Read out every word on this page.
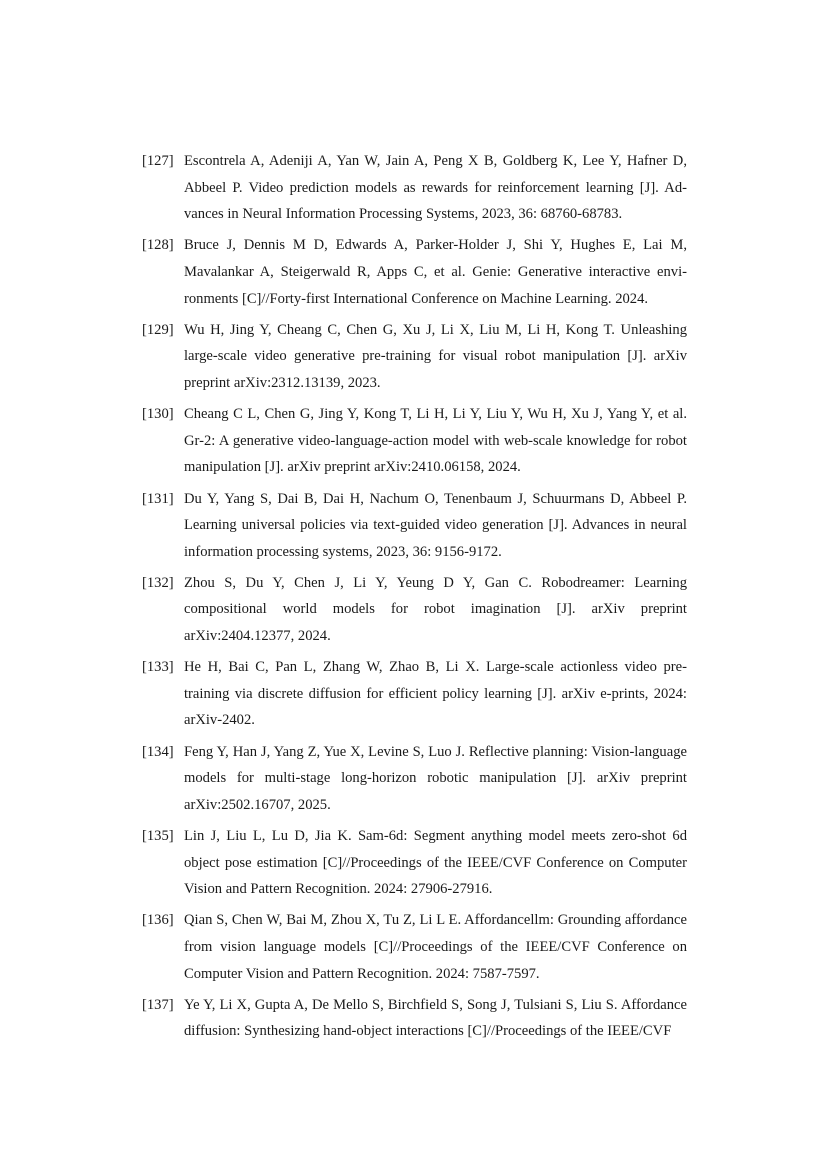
[127] Escontrela A, Adeniji A, Yan W, Jain A, Peng X B, Goldberg K, Lee Y, Hafner D, Abbeel P. Video prediction models as rewards for reinforcement learning [J]. Advances in Neural Information Processing Systems, 2023, 36: 68760-68783.
[128] Bruce J, Dennis M D, Edwards A, Parker-Holder J, Shi Y, Hughes E, Lai M, Mavalankar A, Steigerwald R, Apps C, et al. Genie: Generative interactive environments [C]//Forty-first International Conference on Machine Learning. 2024.
[129] Wu H, Jing Y, Cheang C, Chen G, Xu J, Li X, Liu M, Li H, Kong T. Unleashing large-scale video generative pre-training for visual robot manipulation [J]. arXiv preprint arXiv:2312.13139, 2023.
[130] Cheang C L, Chen G, Jing Y, Kong T, Li H, Li Y, Liu Y, Wu H, Xu J, Yang Y, et al. Gr-2: A generative video-language-action model with web-scale knowledge for robot manipulation [J]. arXiv preprint arXiv:2410.06158, 2024.
[131] Du Y, Yang S, Dai B, Dai H, Nachum O, Tenenbaum J, Schuurmans D, Abbeel P. Learning universal policies via text-guided video generation [J]. Advances in neural information processing systems, 2023, 36: 9156-9172.
[132] Zhou S, Du Y, Chen J, Li Y, Yeung D Y, Gan C. Robodreamer: Learning compositional world models for robot imagination [J]. arXiv preprint arXiv:2404.12377, 2024.
[133] He H, Bai C, Pan L, Zhang W, Zhao B, Li X. Large-scale actionless video pre-training via discrete diffusion for efficient policy learning [J]. arXiv e-prints, 2024: arXiv-2402.
[134] Feng Y, Han J, Yang Z, Yue X, Levine S, Luo J. Reflective planning: Vision-language models for multi-stage long-horizon robotic manipulation [J]. arXiv preprint arXiv:2502.16707, 2025.
[135] Lin J, Liu L, Lu D, Jia K. Sam-6d: Segment anything model meets zero-shot 6d object pose estimation [C]//Proceedings of the IEEE/CVF Conference on Computer Vision and Pattern Recognition. 2024: 27906-27916.
[136] Qian S, Chen W, Bai M, Zhou X, Tu Z, Li L E. Affordancellm: Grounding affordance from vision language models [C]//Proceedings of the IEEE/CVF Conference on Computer Vision and Pattern Recognition. 2024: 7587-7597.
[137] Ye Y, Li X, Gupta A, De Mello S, Birchfield S, Song J, Tulsiani S, Liu S. Affordance diffusion: Synthesizing hand-object interactions [C]//Proceedings of the IEEE/CVF
